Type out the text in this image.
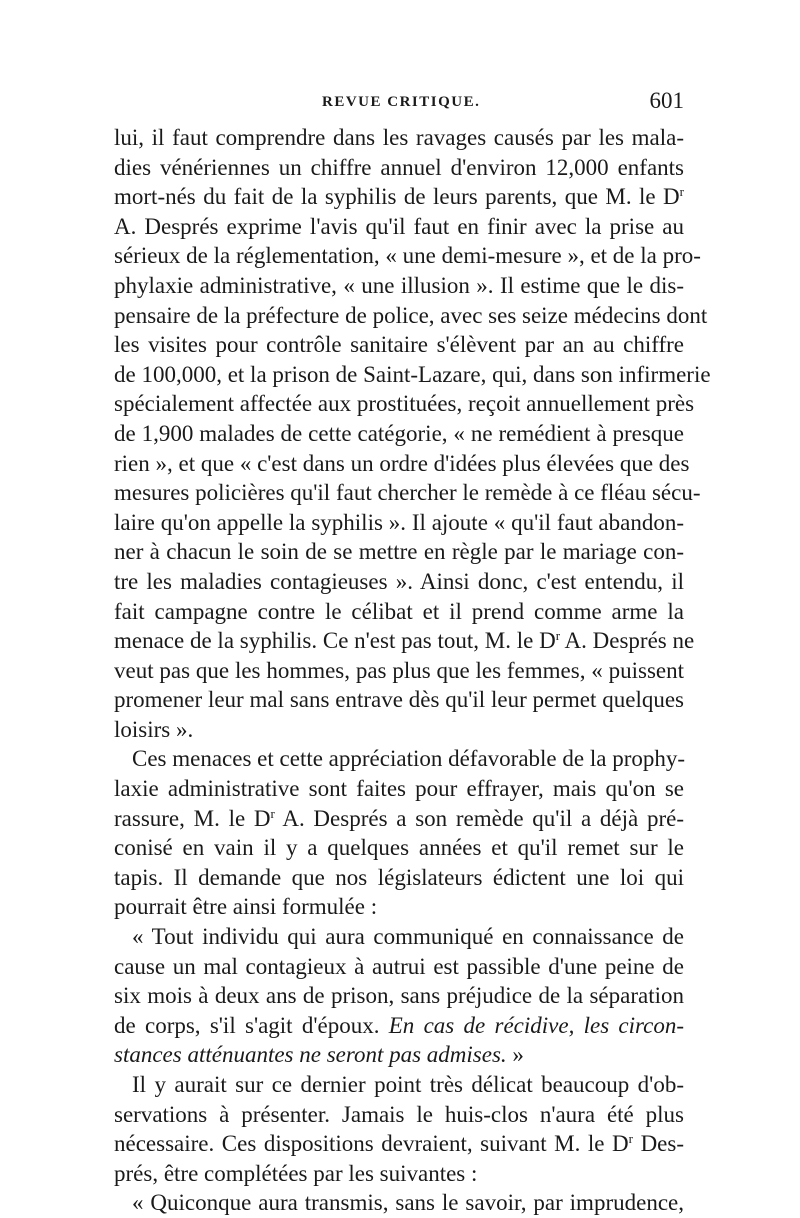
REVUE CRITIQUE.	601
lui, il faut comprendre dans les ravages causés par les mala-
dies vénériennes un chiffre annuel d'environ 12,000 enfants
mort-nés du fait de la syphilis de leurs parents, que M. le $D^r$
A. Després exprime l'avis qu'il faut en finir avec la prise au
sérieux de la réglementation, « une demi-mesure », et de la pro-
phylaxie administrative, « une illusion ». Il estime que le dis-
pensaire de la préfecture de police, avec ses seize médecins dont
les visites pour contrôle sanitaire s'élèvent par an au chiffre
de 100,000, et la prison de Saint-Lazare, qui, dans son infirmerie
spécialement affectée aux prostituées, reçoit annuellement près
de 1,900 malades de cette catégorie, « ne remédient à presque
rien », et que « c'est dans un ordre d'idées plus élevées que des
mesures policières qu'il faut chercher le remède à ce fléau sécu-
laire qu'on appelle la syphilis ». Il ajoute « qu'il faut abandon-
ner à chacun le soin de se mettre en règle par le mariage con-
tre les maladies contagieuses ». Ainsi donc, c'est entendu, il
fait campagne contre le célibat et il prend comme arme la
menace de la syphilis. Ce n'est pas tout, M. le $D^r$ A. Després ne
veut pas que les hommes, pas plus que les femmes, « puissent
promener leur mal sans entrave dès qu'il leur permet quelques
loisirs ».
Ces menaces et cette appréciation défavorable de la prophy-
laxie administrative sont faites pour effrayer, mais qu'on se
rassure, M. le $D^r$ A. Després a son remède qu'il a déjà pré-
conisé en vain il y a quelques années et qu'il remet sur le
tapis. Il demande que nos législateurs édictent une loi qui
pourrait être ainsi formulée :
« Tout individu qui aura communiqué en connaissance de
cause un mal contagieux à autrui est passible d'une peine de
six mois à deux ans de prison, sans préjudice de la séparation
de corps, s'il s'agit d'époux. En cas de récidive, les circon-
stances atténuantes ne seront pas admises. »
Il y aurait sur ce dernier point très délicat beaucoup d'ob-
servations à présenter. Jamais le huis-clos n'aura été plus
nécessaire. Ces dispositions devraient, suivant M. le $D^r$ Des-
prés, être complétées par les suivantes :
« Quiconque aura transmis, sans le savoir, par imprudence,
